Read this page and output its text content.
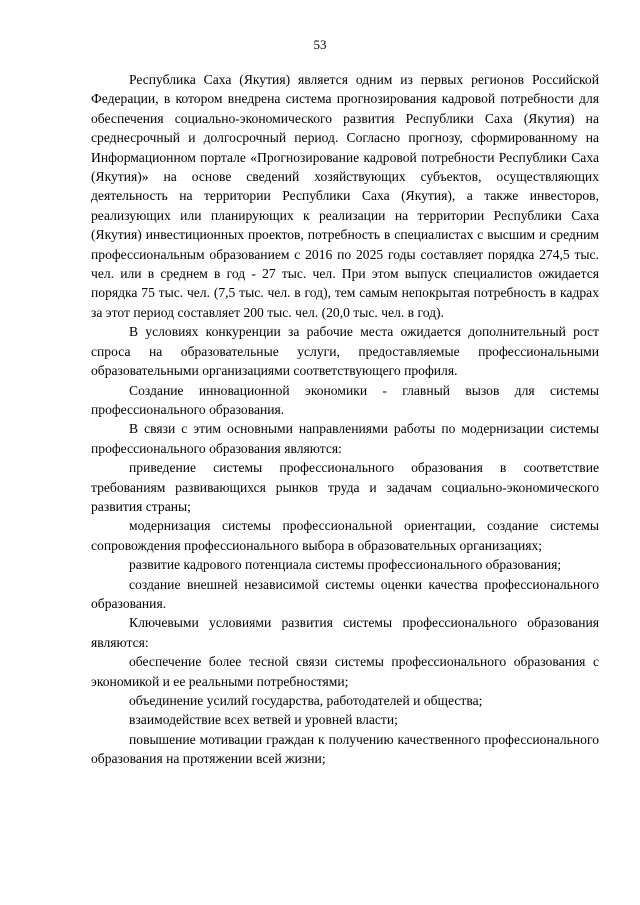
53

Республика Саха (Якутия) является одним из первых регионов Российской Федерации, в котором внедрена система прогнозирования кадровой потребности для обеспечения социально-экономического развития Республики Саха (Якутия) на среднесрочный и долгосрочный период. Согласно прогнозу, сформированному на Информационном портале «Прогнозирование кадровой потребности Республики Саха (Якутия)» на основе сведений хозяйствующих субъектов, осуществляющих деятельность на территории Республики Саха (Якутия), а также инвесторов, реализующих или планирующих к реализации на территории Республики Саха (Якутия) инвестиционных проектов, потребность в специалистах с высшим и средним профессиональным образованием с 2016 по 2025 годы составляет порядка 274,5 тыс. чел. или в среднем в год - 27 тыс. чел. При этом выпуск специалистов ожидается порядка 75 тыс. чел. (7,5 тыс. чел. в год), тем самым непокрытая потребность в кадрах за этот период составляет 200 тыс. чел. (20,0 тыс. чел. в год).

В условиях конкуренции за рабочие места ожидается дополнительный рост спроса на образовательные услуги, предоставляемые профессиональными образовательными организациями соответствующего профиля.

Создание инновационной экономики - главный вызов для системы профессионального образования.

В связи с этим основными направлениями работы по модернизации системы профессионального образования являются:

приведение системы профессионального образования в соответствие требованиям развивающихся рынков труда и задачам социально-экономического развития страны;

модернизация системы профессиональной ориентации, создание системы сопровождения профессионального выбора в образовательных организациях;

развитие кадрового потенциала системы профессионального образования;

создание внешней независимой системы оценки качества профессионального образования.

Ключевыми условиями развития системы профессионального образования являются:

обеспечение более тесной связи системы профессионального образования с экономикой и ее реальными потребностями;

объединение усилий государства, работодателей и общества;

взаимодействие всех ветвей и уровней власти;

повышение мотивации граждан к получению качественного профессионального образования на протяжении всей жизни;
